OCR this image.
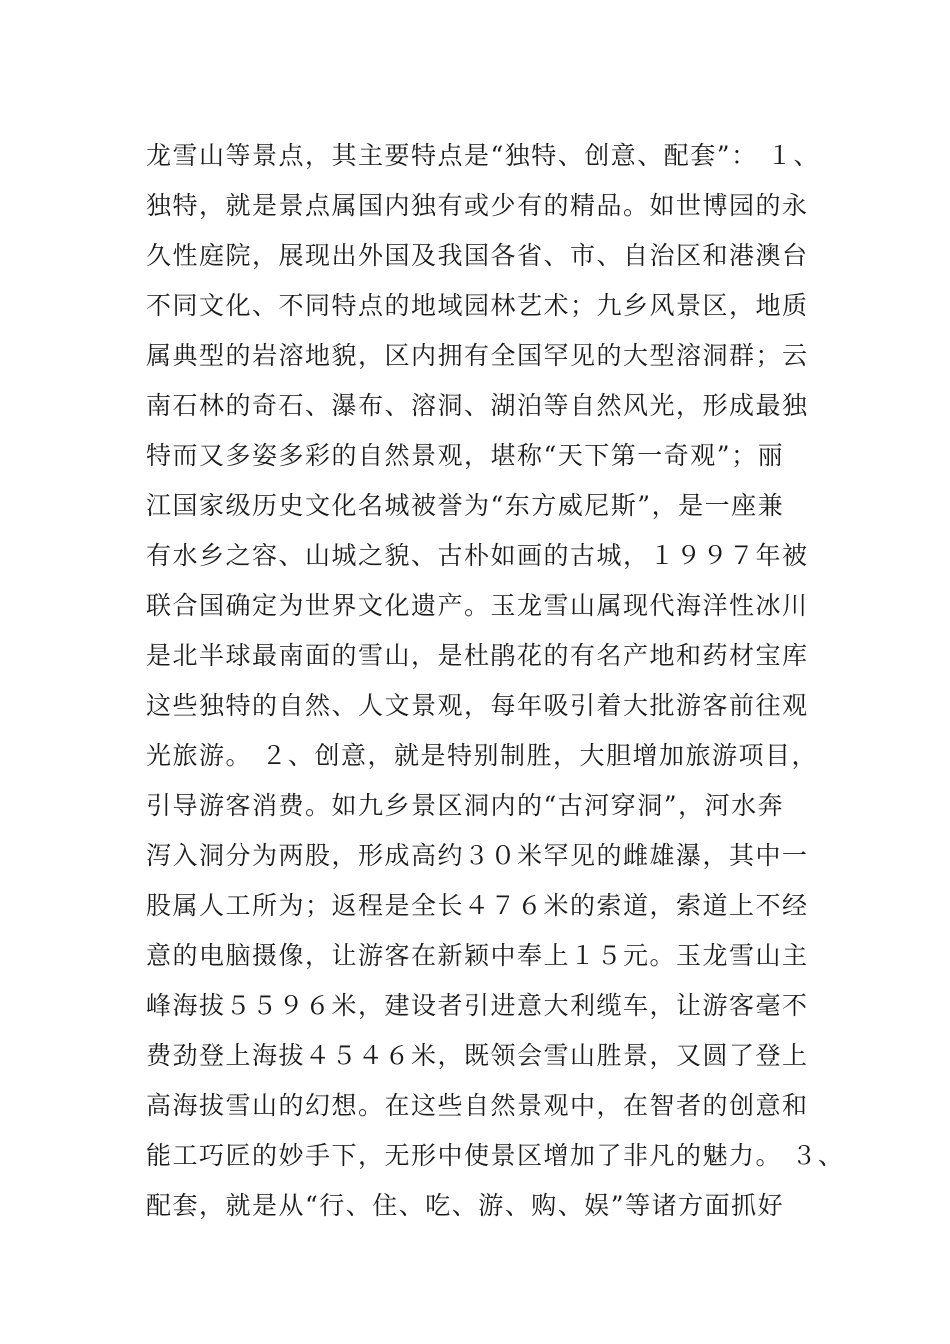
龙雪山等景点，其主要特点是“独特、创意、配套”： １、
独特，就是景点属国内独有或少有的精品。如世博园的永
久性庭院，展现出外国及我国各省、市、自治区和港澳台
不同文化、不同特点的地域园林艺术；九乡风景区，地质
属典型的岩溶地貌，区内拥有全国罕见的大型溶洞群；云
南石林的奇石、瀑布、溶洞、湖泊等自然风光，形成最独
特而又多姿多彩的自然景观，堪称“天下第一奇观”；丽
江国家级历史文化名城被誉为“东方威尼斯”，是一座兼
有水乡之容、山城之貌、古朴如画的古城，１９９７年被
联合国确定为世界文化遗产。玉龙雪山属现代海洋性冰川
是北半球最南面的雪山，是杜鹃花的有名产地和药材宝库
这些独特的自然、人文景观，每年吸引着大批游客前往观
光旅游。 ２、创意，就是特别制胜，大胆增加旅游项目，
引导游客消费。如九乡景区洞内的“古河穿洞”，河水奔
泻入洞分为两股，形成高约３０米罕见的雌雄瀑，其中一
股属人工所为；返程是全长４７６米的索道，索道上不经
意的电脑摄像，让游客在新颖中奉上１５元。玉龙雪山主
峰海拔５５９６米，建设者引进意大利缆车，让游客毫不
费劲登上海拔４５４６米，既领会雪山胜景，又圆了登上
高海拔雪山的幻想。在这些自然景观中，在智者的创意和
能工巧匠的妙手下，无形中使景区增加了非凡的魅力。 ３、
配套，就是从“行、住、吃、游、购、娱”等诸方面抓好
